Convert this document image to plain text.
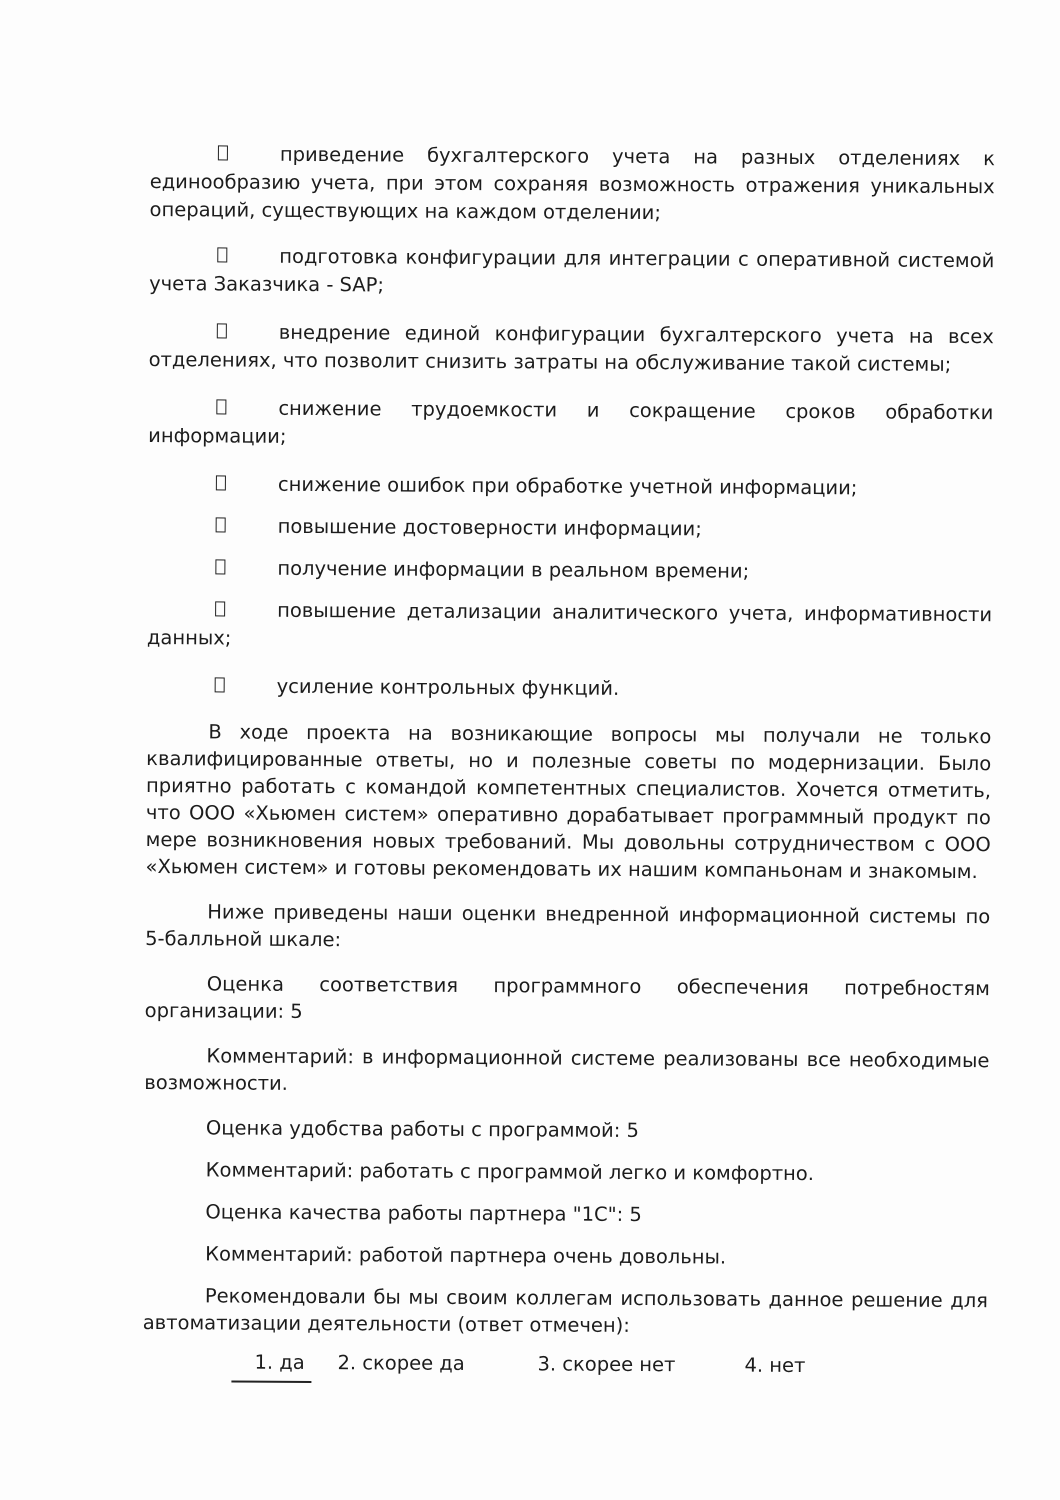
приведение бухгалтерского учета на разных отделениях к единообразию учета, при этом сохраняя возможность отражения уникальных операций, существующих на каждом отделении;

подготовка конфигурации для интеграции с оперативной системой учета Заказчика - SAP;

внедрение единой конфигурации бухгалтерского учета на всех отделениях, что позволит снизить затраты на обслуживание такой системы;

снижение трудоемкости и сокращение сроков обработки информации;

снижение ошибок при обработке учетной информации;

повышение достоверности информации;

получение информации в реальном времени;

повышение детализации аналитического учета, информативности данных;

усиление контрольных функций.

В ходе проекта на возникающие вопросы мы получали не только квалифицированные ответы, но и полезные советы по модернизации. Было приятно работать с командой компетентных специалистов. Хочется отметить, что ООО «Хьюмен систем» оперативно дорабатывает программный продукт по мере возникновения новых требований. Мы довольны сотрудничеством с ООО «Хьюмен систем» и готовы рекомендовать их нашим компаньонам и знакомым.

Ниже приведены наши оценки внедренной информационной системы по 5-балльной шкале:

Оценка соответствия программного обеспечения потребностям организации: 5

Комментарий: в информационной системе реализованы все необходимые возможности.

Оценка удобства работы с программой: 5

Комментарий: работать с программой легко и комфортно.

Оценка качества работы партнера "1С": 5

Комментарий: работой партнера очень довольны.

Рекомендовали бы мы своим коллегам использовать данное решение для автоматизации деятельности (ответ отмечен):

1. да 2. скорее да	3. скорее нет	4. нет
